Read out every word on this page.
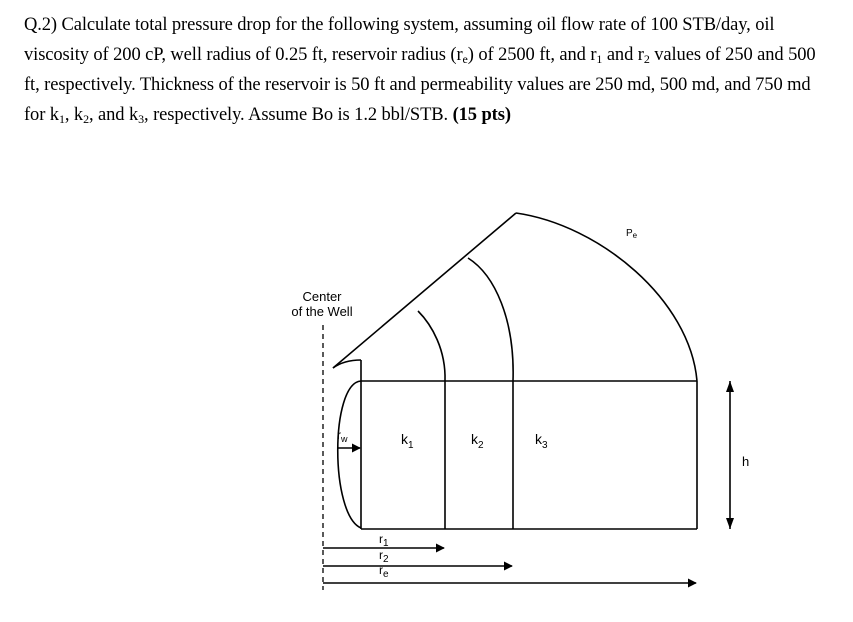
Q.2) Calculate total pressure drop for the following system, assuming oil flow rate of 100 STB/day, oil viscosity of 200 cP, well radius of 0.25 ft, reservoir radius $(r_e)$ of 2500 ft, and $r_1$ and $r_2$ values of 250 and 500 ft, respectively. Thickness of the reservoir is 50 ft and permeability values are 250 md, 500 md, and 750 md for $k_1$, $k_2$, and $k_3$, respectively. Assume Bo is 1.2 bbl/STB. (15 pts)

Center
of the Well
$P_e$
$r_w$	$k_1$	$k_2$	$k_3$
h
$r_1$
$r_2$
$r_e$
